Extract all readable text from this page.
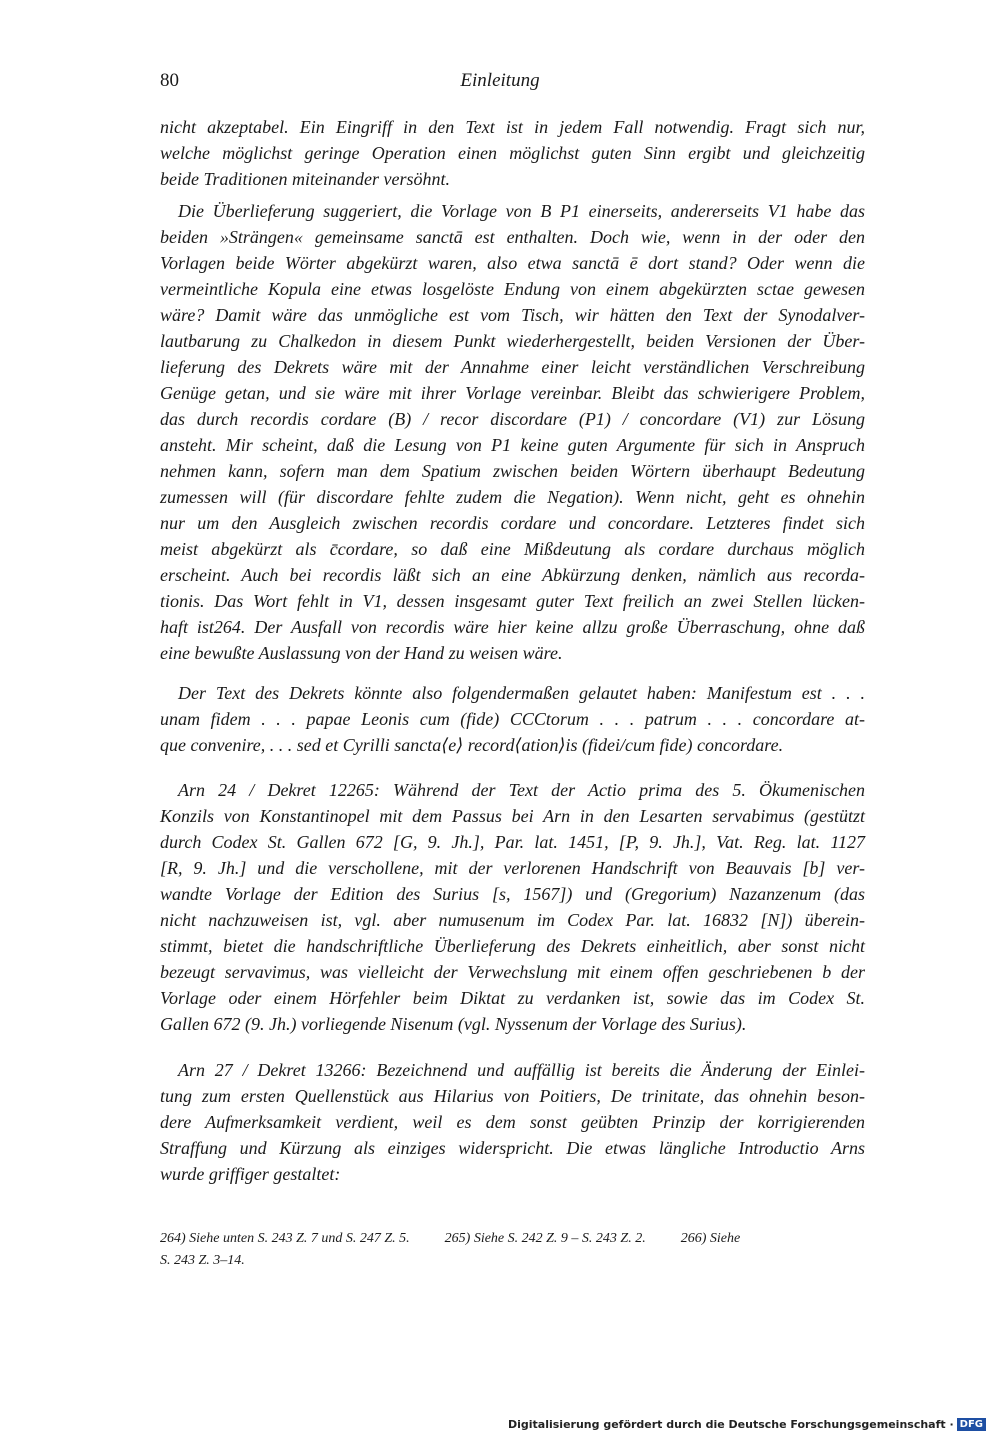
80	Einleitung
nicht akzeptabel. Ein Eingriff in den Text ist in jedem Fall notwendig. Fragt sich nur,
welche möglichst geringe Operation einen möglichst guten Sinn ergibt und gleichzeitig
beide Traditionen miteinander versöhnt.
Die Überlieferung suggeriert, die Vorlage von B P1 einerseits, andererseits V1 habe das
beiden »Strängen« gemeinsame sanctā est enthalten. Doch wie, wenn in der oder den
Vorlagen beide Wörter abgekürzt waren, also etwa sanctā ē dort stand? Oder wenn die
vermeintliche Kopula eine etwas losgelöste Endung von einem abgekürzten sctae gewesen
wäre? Damit wäre das unmögliche est vom Tisch, wir hätten den Text der Synodalver-
lautbarung zu Chalkedon in diesem Punkt wiederhergestellt, beiden Versionen der Über-
lieferung des Dekrets wäre mit der Annahme einer leicht verständlichen Verschreibung
Genüge getan, und sie wäre mit ihrer Vorlage vereinbar. Bleibt das schwierigere Problem,
das durch recordis cordare (B) / recor discordare (P1) / concordare (V1) zur Lösung
ansteht. Mir scheint, daß die Lesung von P1 keine guten Argumente für sich in Anspruch
nehmen kann, sofern man dem Spatium zwischen beiden Wörtern überhaupt Bedeutung
zumessen will (für discordare fehlte zudem die Negation). Wenn nicht, geht es ohnehin
nur um den Ausgleich zwischen recordis cordare und concordare. Letzteres findet sich
meist abgekürzt als c̄cordare, so daß eine Mißdeutung als cordare durchaus möglich
erscheint. Auch bei recordis läßt sich an eine Abkürzung denken, nämlich aus recorda-
tionis. Das Wort fehlt in V1, dessen insgesamt guter Text freilich an zwei Stellen lücken-
haft ist264. Der Ausfall von recordis wäre hier keine allzu große Überraschung, ohne daß
eine bewußte Auslassung von der Hand zu weisen wäre.
Der Text des Dekrets könnte also folgendermaßen gelautet haben: Manifestum est . . .
unam fidem . . . papae Leonis cum (fide) CCCtorum . . . patrum . . . concordare at-
que convenire, . . . sed et Cyrilli sancta⟨e⟩ record⟨ation⟩is (fidei/cum fide) concordare.
Arn 24 / Dekret 12265: Während der Text der Actio prima des 5. Ökumenischen
Konzils von Konstantinopel mit dem Passus bei Arn in den Lesarten servabimus (gestützt
durch Codex St. Gallen 672 [G, 9. Jh.], Par. lat. 1451, [P, 9. Jh.], Vat. Reg. lat. 1127
[R, 9. Jh.] und die verschollene, mit der verlorenen Handschrift von Beauvais [b] ver-
wandte Vorlage der Edition des Surius [s, 1567]) und (Gregorium) Nazanzenum (das
nicht nachzuweisen ist, vgl. aber numusenum im Codex Par. lat. 16832 [N]) überein-
stimmt, bietet die handschriftliche Überlieferung des Dekrets einheitlich, aber sonst nicht
bezeugt servavimus, was vielleicht der Verwechslung mit einem offen geschriebenen b der
Vorlage oder einem Hörfehler beim Diktat zu verdanken ist, sowie das im Codex St.
Gallen 672 (9. Jh.) vorliegende Nisenum (vgl. Nyssenum der Vorlage des Surius).
Arn 27 / Dekret 13266: Bezeichnend und auffällig ist bereits die Änderung der Einlei-
tung zum ersten Quellenstück aus Hilarius von Poitiers, De trinitate, das ohnehin beson-
dere Aufmerksamkeit verdient, weil es dem sonst geübten Prinzip der korrigierenden
Straffung und Kürzung als einziges widerspricht. Die etwas längliche Introductio Arns
wurde griffiger gestaltet:
264) Siehe unten S. 243 Z. 7 und S. 247 Z. 5.          265) Siehe S. 242 Z. 9 – S. 243 Z. 2.          266) Siehe
S. 243 Z. 3–14.
Digitalisierung gefördert durch die Deutsche Forschungsgemeinschaft · DFG
